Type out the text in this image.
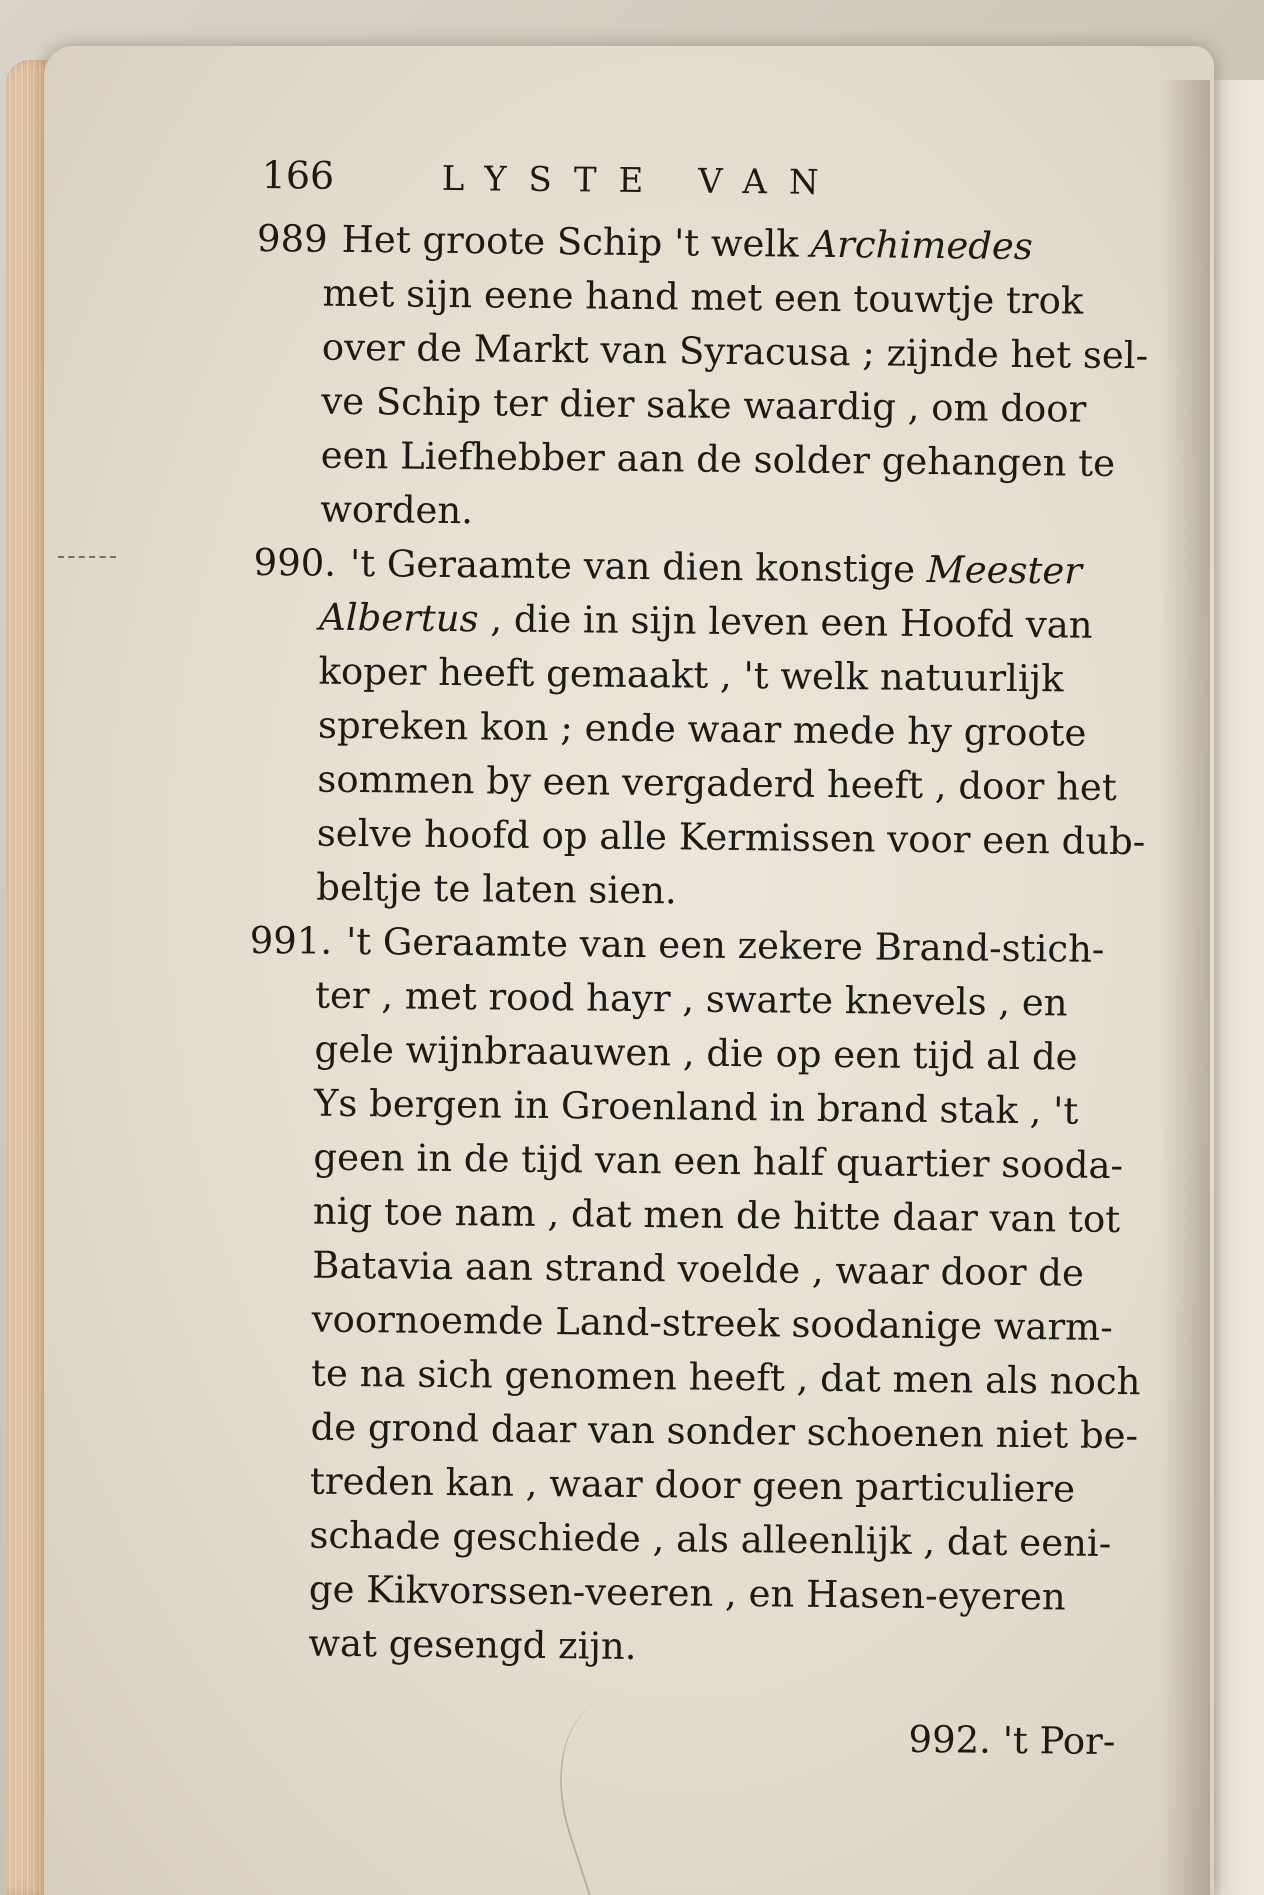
166	LYSTE VAN
989 Het groote Schip 't welk Archimedes
met sijn eene hand met een touwtje trok
over de Markt van Syracusa ; zijnde het sel-
ve Schip ter dier sake waardig , om door
een Liefhebber aan de solder gehangen te
worden.
990. 't Geraamte van dien konstige Meester
Albertus , die in sijn leven een Hoofd van
koper heeft gemaakt , 't welk natuurlijk
spreken kon ; ende waar mede hy groote
sommen by een vergaderd heeft , door het
selve hoofd op alle Kermissen voor een dub-
beltje te laten sien.
991. 't Geraamte van een zekere Brand-stich-
ter , met rood hayr , swarte knevels , en
gele wijnbraauwen , die op een tijd al de
Ys bergen in Groenland in brand stak , 't
geen in de tijd van een half quartier sooda-
nig toe nam , dat men de hitte daar van tot
Batavia aan strand voelde , waar door de
voornoemde Land-streek soodanige warm-
te na sich genomen heeft , dat men als noch
de grond daar van sonder schoenen niet be-
treden kan , waar door geen particuliere
schade geschiede , als alleenlijk , dat eeni-
ge Kikvorssen-veeren , en Hasen-eyeren
wat gesengd zijn.
992. 't Por-
